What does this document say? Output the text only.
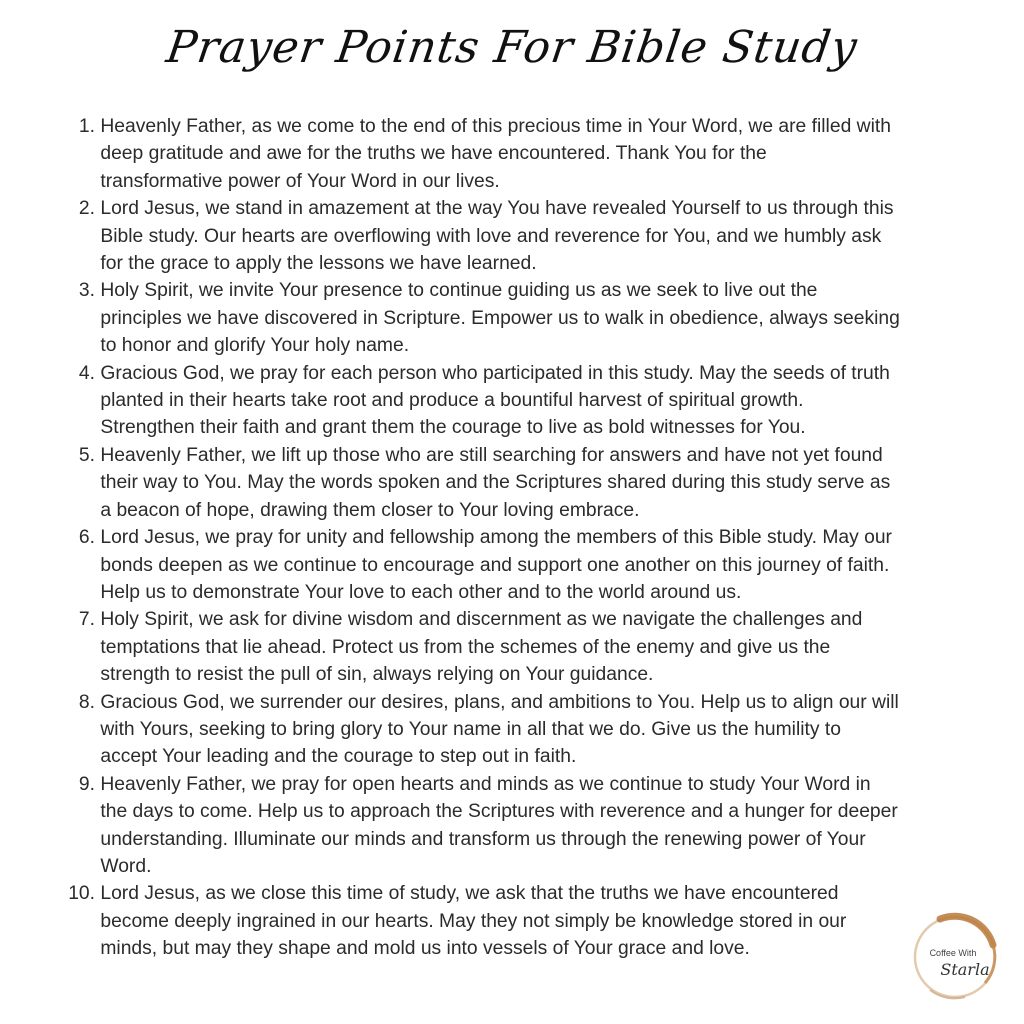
Prayer Points For Bible Study
1.
Heavenly Father, as we come to the end of this precious time in Your Word, we are filled with
deep gratitude and awe for the truths we have encountered. Thank You for the
transformative power of Your Word in our lives.
2.
Lord Jesus, we stand in amazement at the way You have revealed Yourself to us through this
Bible study. Our hearts are overflowing with love and reverence for You, and we humbly ask
for the grace to apply the lessons we have learned.
3.
Holy Spirit, we invite Your presence to continue guiding us as we seek to live out the
principles we have discovered in Scripture. Empower us to walk in obedience, always seeking
to honor and glorify Your holy name.
4.
Gracious God, we pray for each person who participated in this study. May the seeds of truth
planted in their hearts take root and produce a bountiful harvest of spiritual growth.
Strengthen their faith and grant them the courage to live as bold witnesses for You.
5.
Heavenly Father, we lift up those who are still searching for answers and have not yet found
their way to You. May the words spoken and the Scriptures shared during this study serve as
a beacon of hope, drawing them closer to Your loving embrace.
6.
Lord Jesus, we pray for unity and fellowship among the members of this Bible study. May our
bonds deepen as we continue to encourage and support one another on this journey of faith.
Help us to demonstrate Your love to each other and to the world around us.
7.
Holy Spirit, we ask for divine wisdom and discernment as we navigate the challenges and
temptations that lie ahead. Protect us from the schemes of the enemy and give us the
strength to resist the pull of sin, always relying on Your guidance.
8.
Gracious God, we surrender our desires, plans, and ambitions to You. Help us to align our will
with Yours, seeking to bring glory to Your name in all that we do. Give us the humility to
accept Your leading and the courage to step out in faith.
9.
Heavenly Father, we pray for open hearts and minds as we continue to study Your Word in
the days to come. Help us to approach the Scriptures with reverence and a hunger for deeper
understanding. Illuminate our minds and transform us through the renewing power of Your
Word.
10.
Lord Jesus, as we close this time of study, we ask that the truths we have encountered
become deeply ingrained in our hearts. May they not simply be knowledge stored in our
minds, but may they shape and mold us into vessels of Your grace and love.	Coffee With
Starla
